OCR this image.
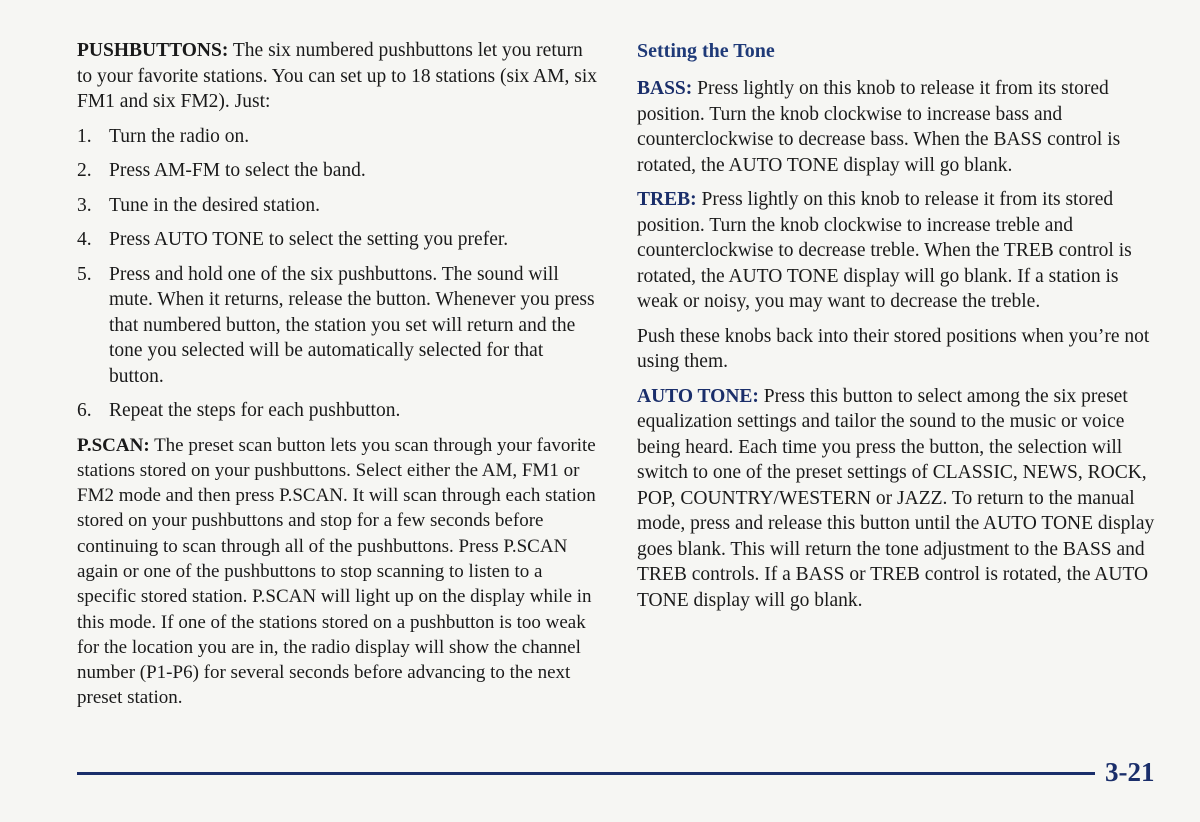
PUSHBUTTONS: The six numbered pushbuttons let you return to your favorite stations. You can set up to 18 stations (six AM, six FM1 and six FM2). Just:

1. Turn the radio on.
2. Press AM-FM to select the band.
3. Tune in the desired station.
4. Press AUTO TONE to select the setting you prefer.
5. Press and hold one of the six pushbuttons. The sound will mute. When it returns, release the button. Whenever you press that numbered button, the station you set will return and the tone you selected will be automatically selected for that button.
6. Repeat the steps for each pushbutton.

P.SCAN: The preset scan button lets you scan through your favorite stations stored on your pushbuttons. Select either the AM, FM1 or FM2 mode and then press P.SCAN. It will scan through each station stored on your pushbuttons and stop for a few seconds before continuing to scan through all of the pushbuttons. Press P.SCAN again or one of the pushbuttons to stop scanning to listen to a specific stored station. P.SCAN will light up on the display while in this mode. If one of the stations stored on a pushbutton is too weak for the location you are in, the radio display will show the channel number (P1-P6) for several seconds before advancing to the next preset station.

Setting the Tone

BASS: Press lightly on this knob to release it from its stored position. Turn the knob clockwise to increase bass and counterclockwise to decrease bass. When the BASS control is rotated, the AUTO TONE display will go blank.

TREB: Press lightly on this knob to release it from its stored position. Turn the knob clockwise to increase treble and counterclockwise to decrease treble. When the TREB control is rotated, the AUTO TONE display will go blank. If a station is weak or noisy, you may want to decrease the treble.

Push these knobs back into their stored positions when you’re not using them.

AUTO TONE: Press this button to select among the six preset equalization settings and tailor the sound to the music or voice being heard. Each time you press the button, the selection will switch to one of the preset settings of CLASSIC, NEWS, ROCK, POP, COUNTRY/WESTERN or JAZZ. To return to the manual mode, press and release this button until the AUTO TONE display goes blank. This will return the tone adjustment to the BASS and TREB controls. If a BASS or TREB control is rotated, the AUTO TONE display will go blank.

3-21
